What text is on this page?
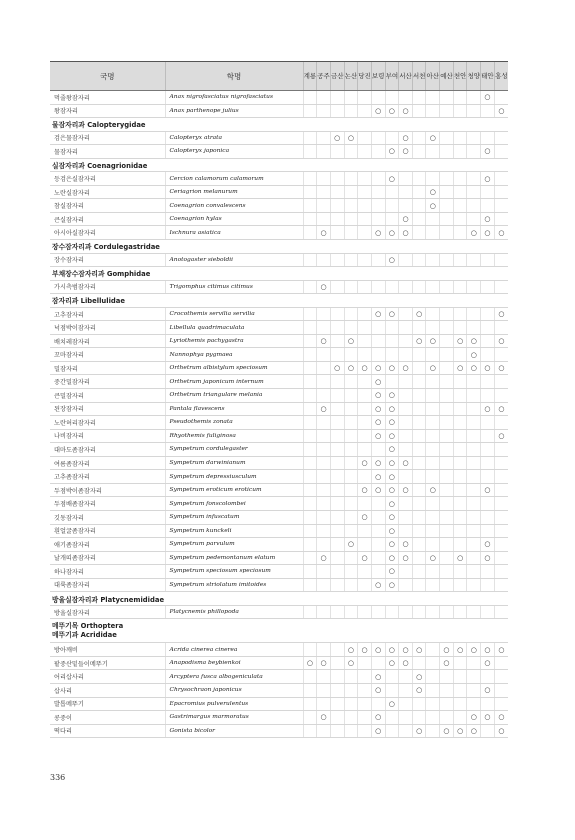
국명	학명	계룡	공주	금산	논산	당진	보령	부여	서산	서천	아산	예산	천안	청양	태안	홍성
먹줄왕잠자리	Anax nigrofasciatus nigrofasciatus														○	
왕잠자리	Anax parthenope julius						○	○	○							○
물잠자리과 Calopterygidae																
검은물잠자리	Calopteryx atrata			○	○				○		○					
물잠자리	Calopteryx japonica							○	○						○	
실잠자리과 Coenagrionidae																
등검은실잠자리	Cercion calamorum calamorum							○							○	
노란실잠자리	Ceriagrion melanurum										○					
참실잠자리	Coenagrion convalescens										○					
큰실잠자리	Coenagrion hylas								○						○	
아시아실잠자리	Ischnura asiatica		○				○	○	○					○	○	○
장수잠자리과 Cordulegastridae																
장수잠자리	Anotogaster sieboldii							○								
부채장수잠자리과 Gomphidae																
가시측범잠자리	Trigomphus citimus citimus		○													
잠자리과 Libellulidae																
고추잠자리	Crocothemis servilia servilia						○	○		○						○
넉점박이잠자리	Libellula quadrimaculata															
배치레잠자리	Lyriothemis pachygastra		○		○					○	○		○	○		○
꼬마잠자리	Nannophya pygmaea													○		
밀잠자리	Orthetrum albistylum speciosum			○	○	○	○	○	○		○		○	○	○	○
중간밀잠자리	Orthetrum japonicum internum						○									
큰밀잠자리	Orthetrum triangulare melania						○	○								
된장잠자리	Pantala flavescens		○				○	○							○	○
노란허리잠자리	Pseudothemis zonata						○	○								
나비잠자리	Rhyothemis fuliginosa						○	○								○
대마도좀잠자리	Sympetrum cordulegaster							○								
여름좀잠자리	Sympetrum darwinianum					○	○	○	○							
고추좀잠자리	Sympetrum depressiusculum						○	○								
두점박이좀잠자리	Sympetrum eroticum eroticum					○	○	○	○		○				○	
두점배좀잠자리	Sympetrum fonscolombei							○								
깃동잠자리	Sympetrum infuscatum					○		○								
흰얼굴좀잠자리	Sympetrum kunckeli							○								
애기좀잠자리	Sympetrum parvulum				○			○	○						○	
날개띠좀잠자리	Sympetrum pedemontanum elatum		○			○		○	○		○		○		○	
하나잠자리	Sympetrum speciosum speciosum							○								
대륙좀잠자리	Sympetrum striolatum imitoides						○	○								
방울실잠자리과 Platycnemididae																
방울실잠자리	Platycnemis phillopoda															

메뚜기목 Orthoptera
메뚜기과 Acrididae																

방아깨비	Acrida cinerea cinerea				○	○	○	○	○	○		○	○	○	○	○
팥중산밑들이메뚜기	Anapodisma beybienkoi	○	○		○			○	○			○			○	
어리삽사리	Arcyptera fusca albogeniculata						○			○						
삽사리	Chrysochraon japonicus						○			○					○	
발톱메뚜기	Epacromius pulverulentus							○								
콩중이	Gastrimargus marmoratus		○				○							○	○	○
떡다리	Gonista bicolor						○			○		○	○	○		○
336
